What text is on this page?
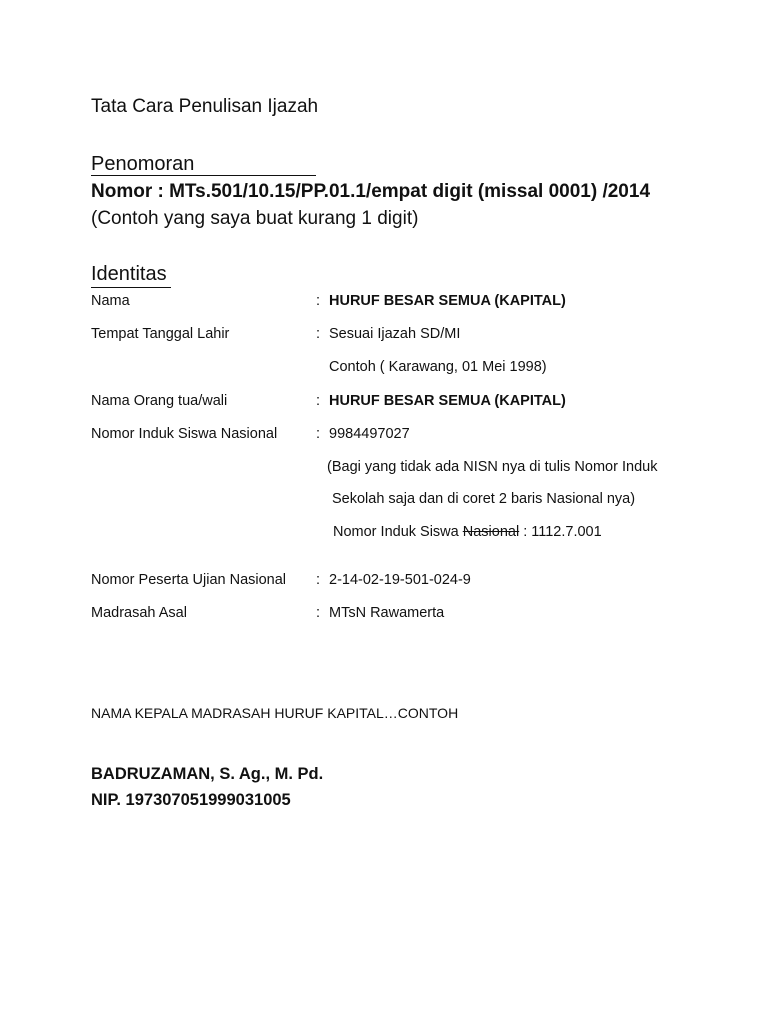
Tata Cara Penulisan Ijazah
Penomoran
Nomor : MTs.501/10.15/PP.01.1/empat digit (missal 0001) /2014
(Contoh yang saya buat kurang 1 digit)
Identitas
Nama	: HURUF BESAR SEMUA (KAPITAL)
Tempat Tanggal Lahir	: Sesuai Ijazah SD/MI
Contoh ( Karawang, 01 Mei 1998)
Nama Orang tua/wali	: HURUF BESAR SEMUA (KAPITAL)
Nomor Induk Siswa Nasional	: 9984497027
(Bagi yang tidak ada NISN nya di tulis Nomor Induk
Sekolah saja dan di coret 2 baris Nasional nya)
Nomor Induk Siswa Nasional : 1112.7.001
Nomor Peserta Ujian Nasional : 2-14-02-19-501-024-9
Madrasah Asal	: MTsN Rawamerta
NAMA KEPALA MADRASAH HURUF KAPITAL…CONTOH
BADRUZAMAN, S. Ag., M. Pd.
NIP. 197307051999031005
